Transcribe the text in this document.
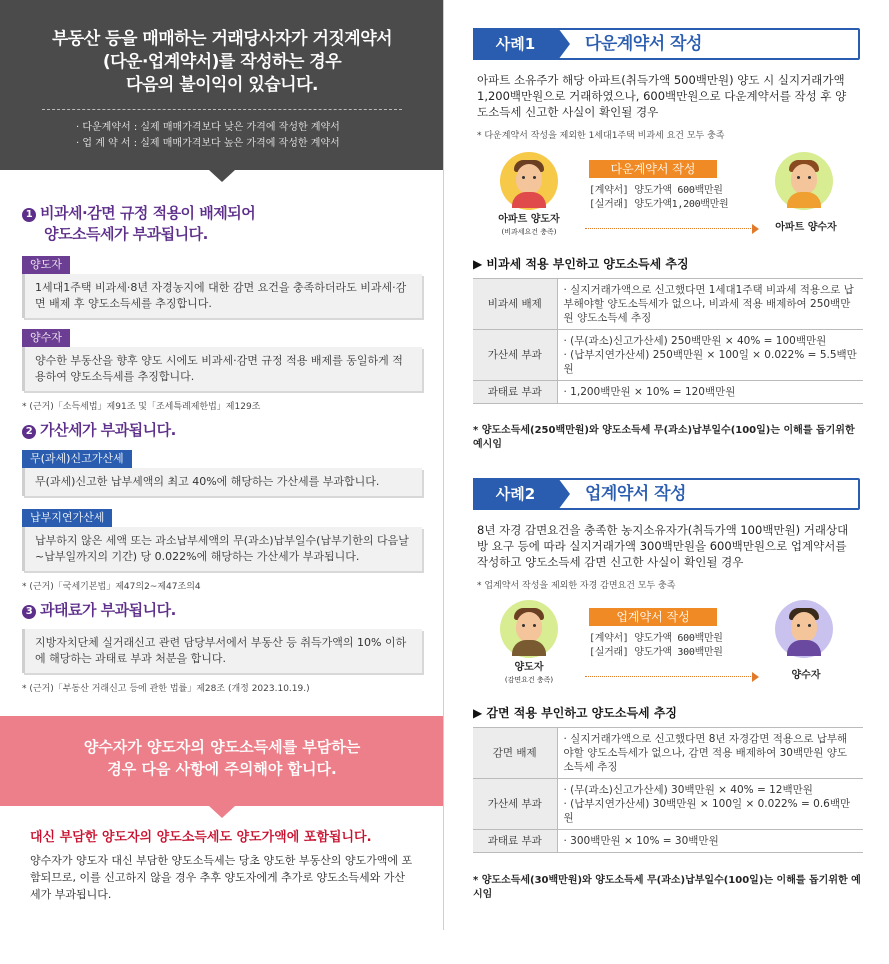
부동산 등을 매매하는 거래당사자가 거짓계약서
(다운·업계약서)를 작성하는 경우
다음의 불이익이 있습니다.
· 다운계약서 : 실제 매매가격보다 낮은 가격에 작성한 계약서
· 업 계 약 서 : 실제 매매가격보다 높은 가격에 작성한 계약서
1 비과세·감면 규정 적용이 배제되어
양도소득세가 부과됩니다.
양도자
1세대1주택 비과세·8년 자경농지에 대한 감면 요건을 충족하더라도 비과세·감면 배제 후 양도소득세를 추징합니다.
양수자
양수한 부동산을 향후 양도 시에도 비과세·감면 규정 적용 배제를 동일하게 적용하여 양도소득세를 추징합니다.
* (근거)「소득세법」제91조 및「조세특례제한법」제129조
2 가산세가 부과됩니다.
무(과세)신고가산세
무(과세)신고한 납부세액의 최고 40%에 해당하는 가산세를 부과합니다.
납부지연가산세
납부하지 않은 세액 또는 과소납부세액의 무(과소)납부일수(납부기한의 다음날~납부일까지의 기간) 당 0.022%에 해당하는 가산세가 부과됩니다.
* (근거)「국세기본법」제47의2~제47조의4
3 과태료가 부과됩니다.
지방자치단체 실거래신고 관련 담당부서에서 부동산 등 취득가액의 10% 이하에 해당하는 과태료 부과 처분을 합니다.
* (근거)「부동산 거래신고 등에 관한 법률」제28조 (개정 2023.10.19.)
양수자가 양도자의 양도소득세를 부담하는
경우 다음 사항에 주의해야 합니다.
대신 부담한 양도자의 양도소득세도 양도가액에 포함됩니다.
양수자가 양도자 대신 부담한 양도소득세는 당초 양도한 부동산의 양도가액에 포함되므로, 이를 신고하지 않을 경우 추후 양도자에게 추가로 양도소득세와 가산세가 부과됩니다.
사례1	다운계약서 작성
아파트 소유주가 해당 아파트(취득가액 500백만원) 양도 시 실지거래가액 1,200백만원으로 거래하였으나, 600백만원으로 다운계약서를 작성 후 양도소득세 신고한 사실이 확인될 경우
* 다운계약서 작성을 제외한 1세대1주택 비과세 요건 모두 충족
아파트 양도자
(비과세요건 충족)
다운계약서 작성
[계약서] 양도가액 600백만원
[실거래] 양도가액1,200백만원
아파트 양수자
▶ 비과세 적용 부인하고 양도소득세 추징
비과세 배제	· 실지거래가액으로 신고했다면 1세대1주택 비과세 적용으로 납부해야할 양도소득세가 없으나, 비과세 적용 배제하여 250백만원 양도소득세 추징
가산세 부과	· (무(과소)신고가산세) 250백만원 × 40% = 100백만원
· (납부지연가산세) 250백만원 × 100일 × 0.022% = 5.5백만원
과태료 부과	· 1,200백만원 × 10% = 120백만원
* 양도소득세(250백만원)와 양도소득세 무(과소)납부일수(100일)는 이해를 돕기위한 예시임
사례2	업계약서 작성
8년 자경 감면요건을 충족한 농지소유자가(취득가액 100백만원) 거래상대방 요구 등에 따라 실지거래가액 300백만원을 600백만원으로 업계약서를 작성하고 양도소득세 감면 신고한 사실이 확인될 경우
* 업계약서 작성을 제외한 자경 감면요건 모두 충족
양도자
(감면요건 충족)
업계약서 작성
[계약서] 양도가액 600백만원
[실거래] 양도가액 300백만원
양수자
▶ 감면 적용 부인하고 양도소득세 추징
감면 배제	· 실지거래가액으로 신고했다면 8년 자경감면 적용으로 납부해야할 양도소득세가 없으나, 감면 적용 배제하여 30백만원 양도소득세 추징
가산세 부과	· (무(과소)신고가산세) 30백만원 × 40% = 12백만원
· (납부지연가산세) 30백만원 × 100일 × 0.022% = 0.6백만원
과태료 부과	· 300백만원 × 10% = 30백만원
* 양도소득세(30백만원)와 양도소득세 무(과소)납부일수(100일)는 이해를 돕기위한 예시임
